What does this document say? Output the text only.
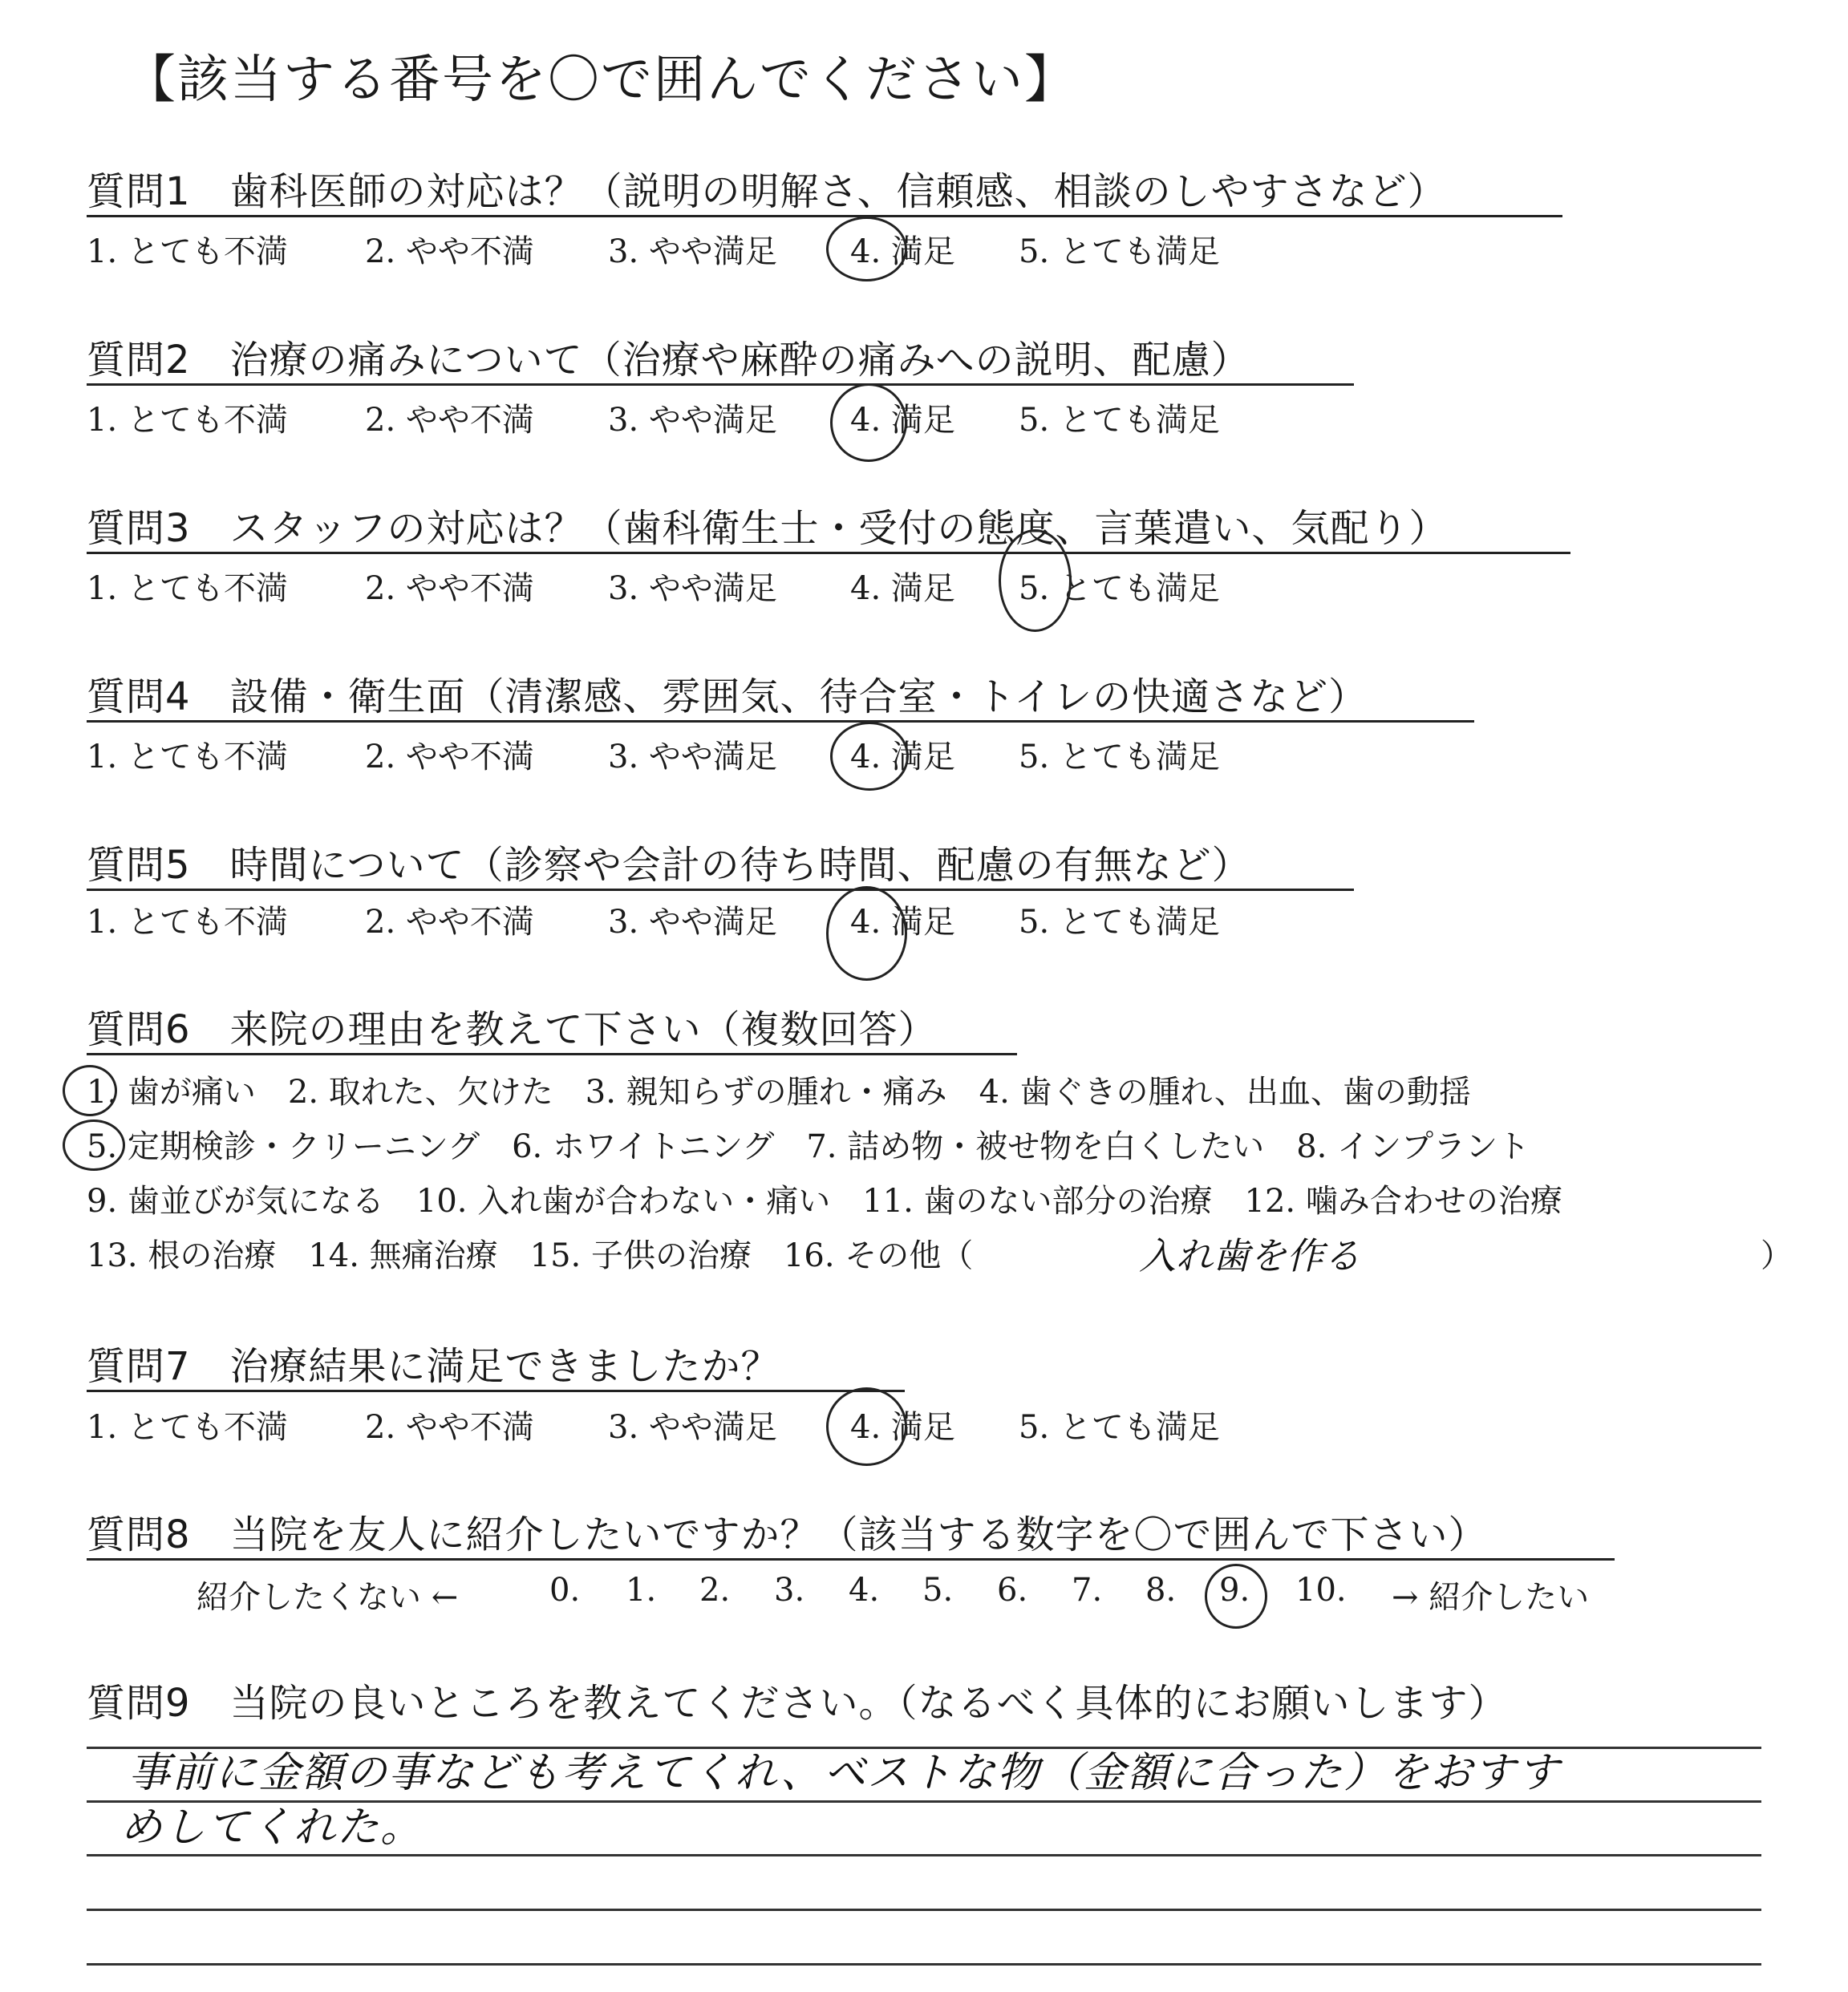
【該当する番号を〇で囲んでください】
質問1　歯科医師の対応は？（説明の明解さ、信頼感、相談のしやすさなど）
1. とても不満 2. やや不満 3. やや満足 4. 満足 5. とても満足
質問2　治療の痛みについて（治療や麻酔の痛みへの説明、配慮）
1. とても不満 2. やや不満 3. やや満足 4. 満足 5. とても満足
質問3　スタッフの対応は？（歯科衛生士・受付の態度、言葉遣い、気配り）
1. とても不満 2. やや不満 3. やや満足 4. 満足 5. とても満足
質問4　設備・衛生面（清潔感、雰囲気、待合室・トイレの快適さなど）
1. とても不満 2. やや不満 3. やや満足 4. 満足 5. とても満足
質問5　時間について（診察や会計の待ち時間、配慮の有無など）
1. とても不満 2. やや不満 3. やや満足 4. 満足 5. とても満足
質問6　来院の理由を教えて下さい（複数回答）
1. 歯が痛い　2. 取れた、欠けた　3. 親知らずの腫れ・痛み　4. 歯ぐきの腫れ、出血、歯の動揺
5. 定期検診・クリーニング　6. ホワイトニング　7. 詰め物・被せ物を白くしたい　8. インプラント
9. 歯並びが気になる　10. 入れ歯が合わない・痛い　11. 歯のない部分の治療　12. 噛み合わせの治療
13. 根の治療　14. 無痛治療　15. 子供の治療　16. その他（	入れ歯を作る	）
質問7　治療結果に満足できましたか？
1. とても不満 2. やや不満 3. やや満足 4. 満足 5. とても満足
質問8　当院を友人に紹介したいですか？（該当する数字を〇で囲んで下さい）
紹介したくない ←	0. 1. 2. 3. 4. 5. 6. 7. 8. 9. 10. → 紹介したい
質問9　当院の良いところを教えてください。（なるべく具体的にお願いします）
事前に金額の事なども考えてくれ、ベストな物（金額に合った）をおすす
めしてくれた。
